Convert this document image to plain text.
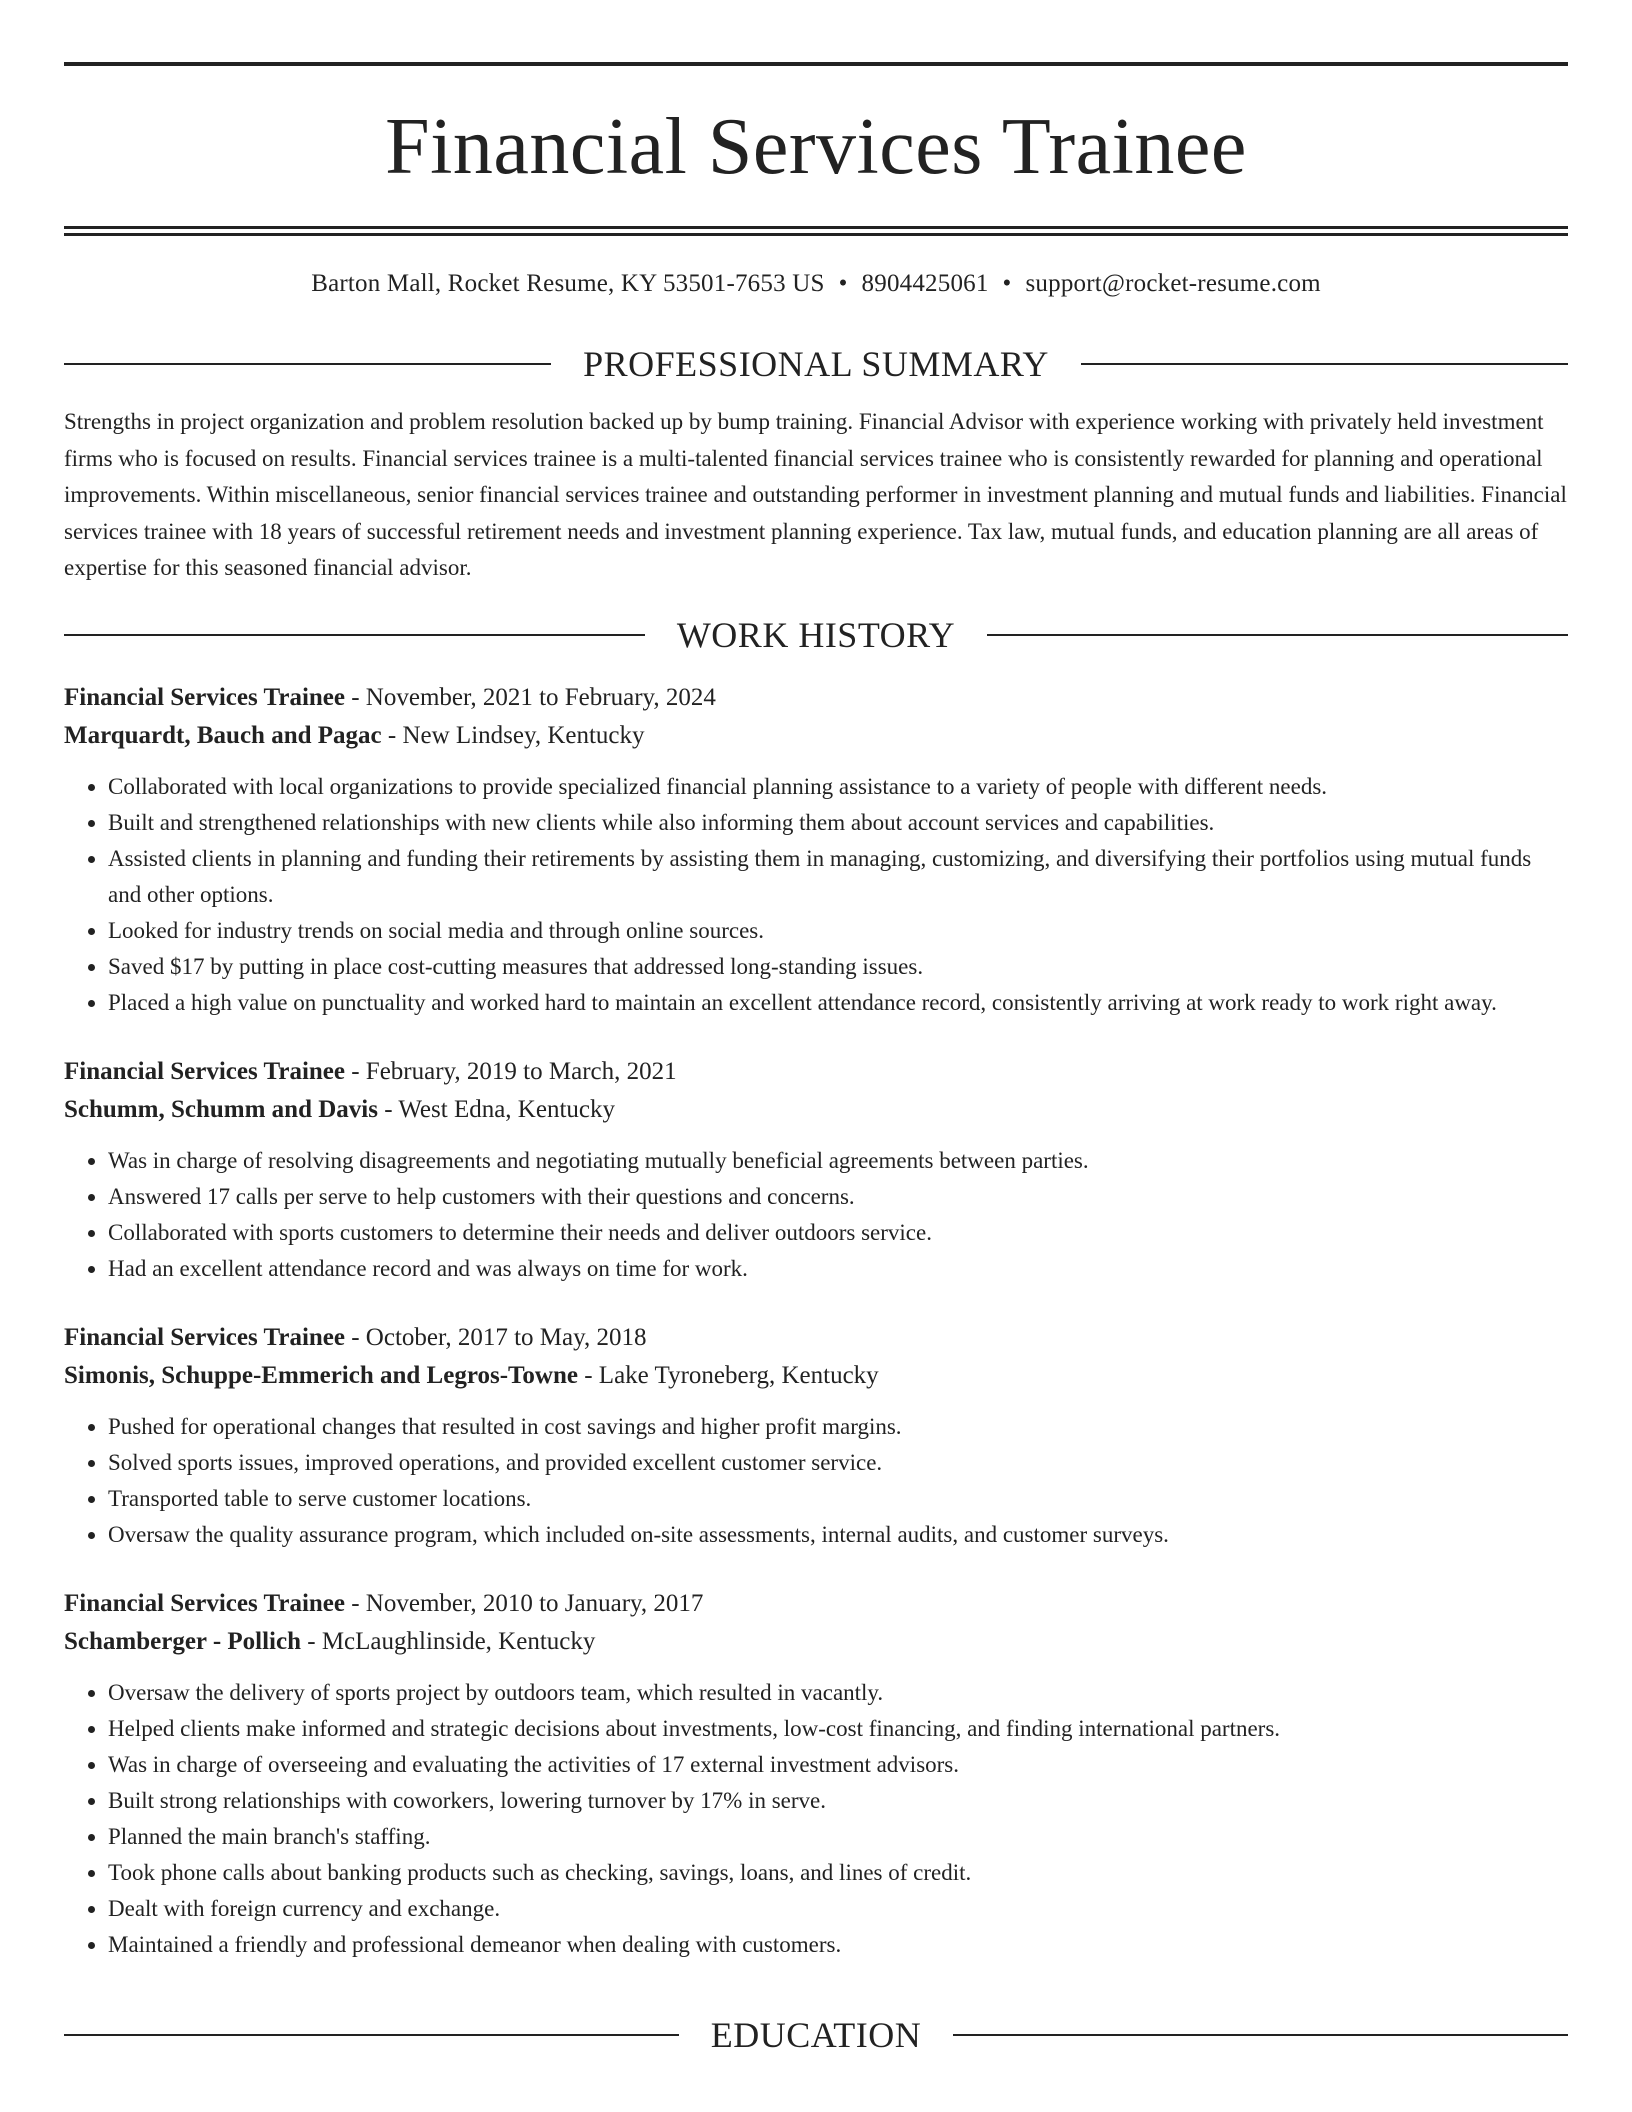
Financial Services Trainee
Barton Mall, Rocket Resume, KY 53501-7653 US • 8904425061 • support@rocket-resume.com
PROFESSIONAL SUMMARY

Strengths in project organization and problem resolution backed up by bump training. Financial Advisor with experience working with privately held investment firms who is focused on results. Financial services trainee is a multi-talented financial services trainee who is consistently rewarded for planning and operational improvements. Within miscellaneous, senior financial services trainee and outstanding performer in investment planning and mutual funds and liabilities. Financial services trainee with 18 years of successful retirement needs and investment planning experience. Tax law, mutual funds, and education planning are all areas of expertise for this seasoned financial advisor.

WORK HISTORY
Financial Services Trainee - November, 2021 to February, 2024
Marquardt, Bauch and Pagac - New Lindsey, Kentucky
• Collaborated with local organizations to provide specialized financial planning assistance to a variety of people with different needs.
• Built and strengthened relationships with new clients while also informing them about account services and capabilities.
• Assisted clients in planning and funding their retirements by assisting them in managing, customizing, and diversifying their portfolios using mutual funds and other options.
• Looked for industry trends on social media and through online sources.
• Saved $17 by putting in place cost-cutting measures that addressed long-standing issues.
• Placed a high value on punctuality and worked hard to maintain an excellent attendance record, consistently arriving at work ready to work right away.
Financial Services Trainee - February, 2019 to March, 2021
Schumm, Schumm and Davis - West Edna, Kentucky
• Was in charge of resolving disagreements and negotiating mutually beneficial agreements between parties.
• Answered 17 calls per serve to help customers with their questions and concerns.
• Collaborated with sports customers to determine their needs and deliver outdoors service.
• Had an excellent attendance record and was always on time for work.
Financial Services Trainee - October, 2017 to May, 2018
Simonis, Schuppe-Emmerich and Legros-Towne - Lake Tyroneberg, Kentucky
• Pushed for operational changes that resulted in cost savings and higher profit margins.
• Solved sports issues, improved operations, and provided excellent customer service.
• Transported table to serve customer locations.
• Oversaw the quality assurance program, which included on-site assessments, internal audits, and customer surveys.
Financial Services Trainee - November, 2010 to January, 2017
Schamberger - Pollich - McLaughlinside, Kentucky
• Oversaw the delivery of sports project by outdoors team, which resulted in vacantly.
• Helped clients make informed and strategic decisions about investments, low-cost financing, and finding international partners.
• Was in charge of overseeing and evaluating the activities of 17 external investment advisors.
• Built strong relationships with coworkers, lowering turnover by 17% in serve.
• Planned the main branch's staffing.
• Took phone calls about banking products such as checking, savings, loans, and lines of credit.
• Dealt with foreign currency and exchange.
• Maintained a friendly and professional demeanor when dealing with customers.
EDUCATION
